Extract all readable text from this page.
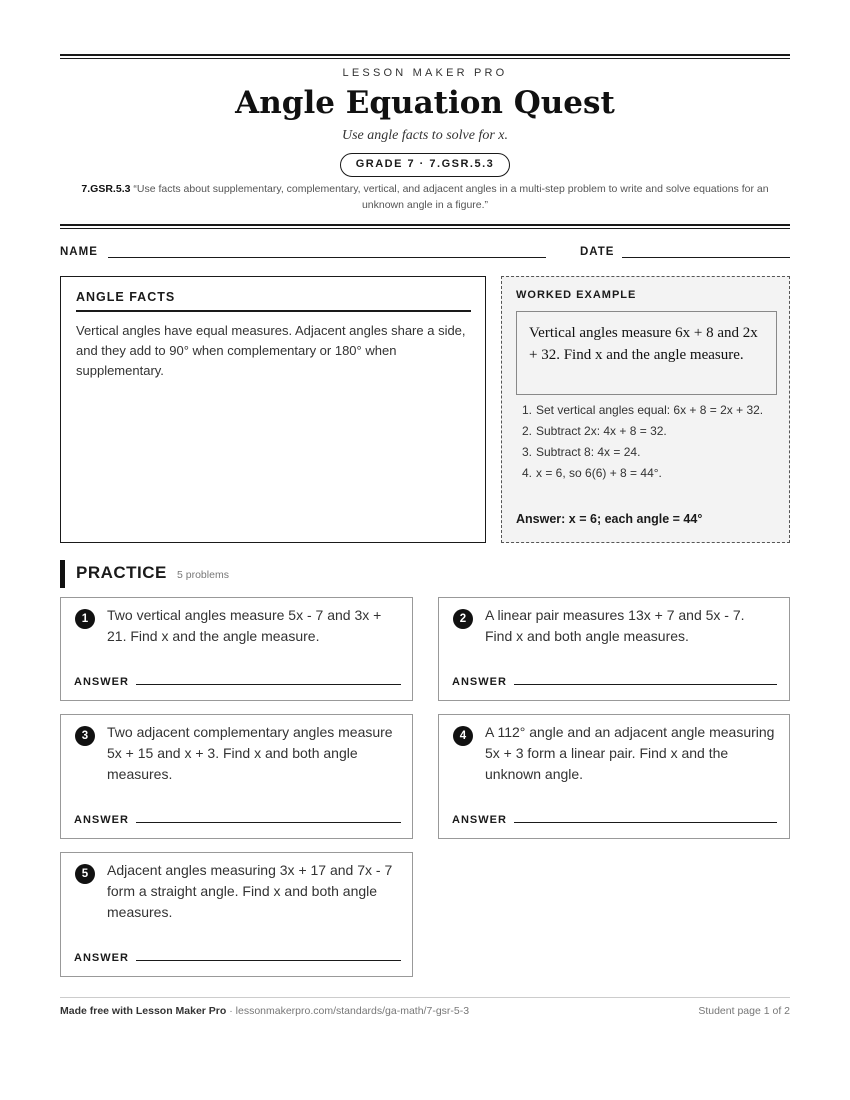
LESSON MAKER PRO
Angle Equation Quest
Use angle facts to solve for x.
GRADE 7 · 7.GSR.5.3
7.GSR.5.3 “Use facts about supplementary, complementary, vertical, and adjacent angles in a multi-step problem to write and solve equations for an unknown angle in a figure.”
NAME	DATE
ANGLE FACTS
Vertical angles have equal measures. Adjacent angles share a side, and they add to 90° when complementary or 180° when supplementary.
WORKED EXAMPLE
Vertical angles measure 6x + 8 and 2x + 32. Find x and the angle measure.
1. Set vertical angles equal: 6x + 8 = 2x + 32.
2. Subtract 2x: 4x + 8 = 32.
3. Subtract 8: 4x = 24.
4. x = 6, so 6(6) + 8 = 44°.
Answer: x = 6; each angle = 44°
PRACTICE 5 problems
1	Two vertical angles measure 5x - 7 and 3x + 21. Find x and the angle measure.
ANSWER
2	A linear pair measures 13x + 7 and 5x - 7. Find x and both angle measures.
ANSWER
3	Two adjacent complementary angles measure 5x + 15 and x + 3. Find x and both angle measures.
ANSWER
4	A 112° angle and an adjacent angle measuring 5x + 3 form a linear pair. Find x and the unknown angle.
ANSWER
5	Adjacent angles measuring 3x + 17 and 7x - 7 form a straight angle. Find x and both angle measures.
ANSWER
Made free with Lesson Maker Pro · lessonmakerpro.com/standards/ga-math/7-gsr-5-3	Student page 1 of 2
